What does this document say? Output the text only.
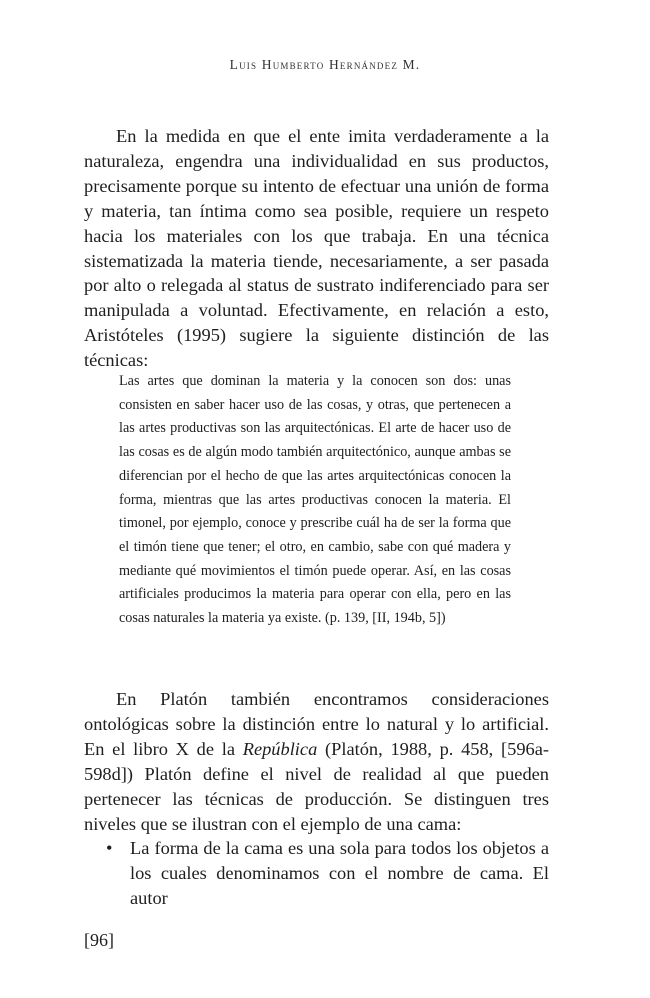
Luis Humberto Hernández M.

En la medida en que el ente imita verdaderamente a la naturaleza, engendra una individualidad en sus productos, precisamente porque su intento de efectuar una unión de forma y materia, tan íntima como sea posible, requiere un respeto hacia los materiales con los que trabaja. En una técnica sistematizada la materia tiende, necesariamente, a ser pasada por alto o relegada al status de sustrato indiferenciado para ser manipulada a voluntad. Efectivamente, en relación a esto, Aristóteles (1995) sugiere la siguiente distinción de las técnicas:

Las artes que dominan la materia y la conocen son dos: unas consisten en saber hacer uso de las cosas, y otras, que pertenecen a las artes productivas son las arquitectónicas. El arte de hacer uso de las cosas es de algún modo también arquitectónico, aunque ambas se diferencian por el hecho de que las artes arquitectónicas conocen la forma, mientras que las artes productivas conocen la materia. El timonel, por ejemplo, conoce y prescribe cuál ha de ser la forma que el timón tiene que tener; el otro, en cambio, sabe con qué madera y mediante qué movimientos el timón puede operar. Así, en las cosas artificiales producimos la materia para operar con ella, pero en las cosas naturales la materia ya existe. (p. 139, [II, 194b, 5])

En Platón también encontramos consideraciones ontológicas sobre la distinción entre lo natural y lo artificial. En el libro X de la República (Platón, 1988, p. 458, [596a-598d]) Platón define el nivel de realidad al que pueden pertenecer las técnicas de producción. Se distinguen tres niveles que se ilustran con el ejemplo de una cama:

• La forma de la cama es una sola para todos los objetos a los cuales denominamos con el nombre de cama. El autor
[96]
